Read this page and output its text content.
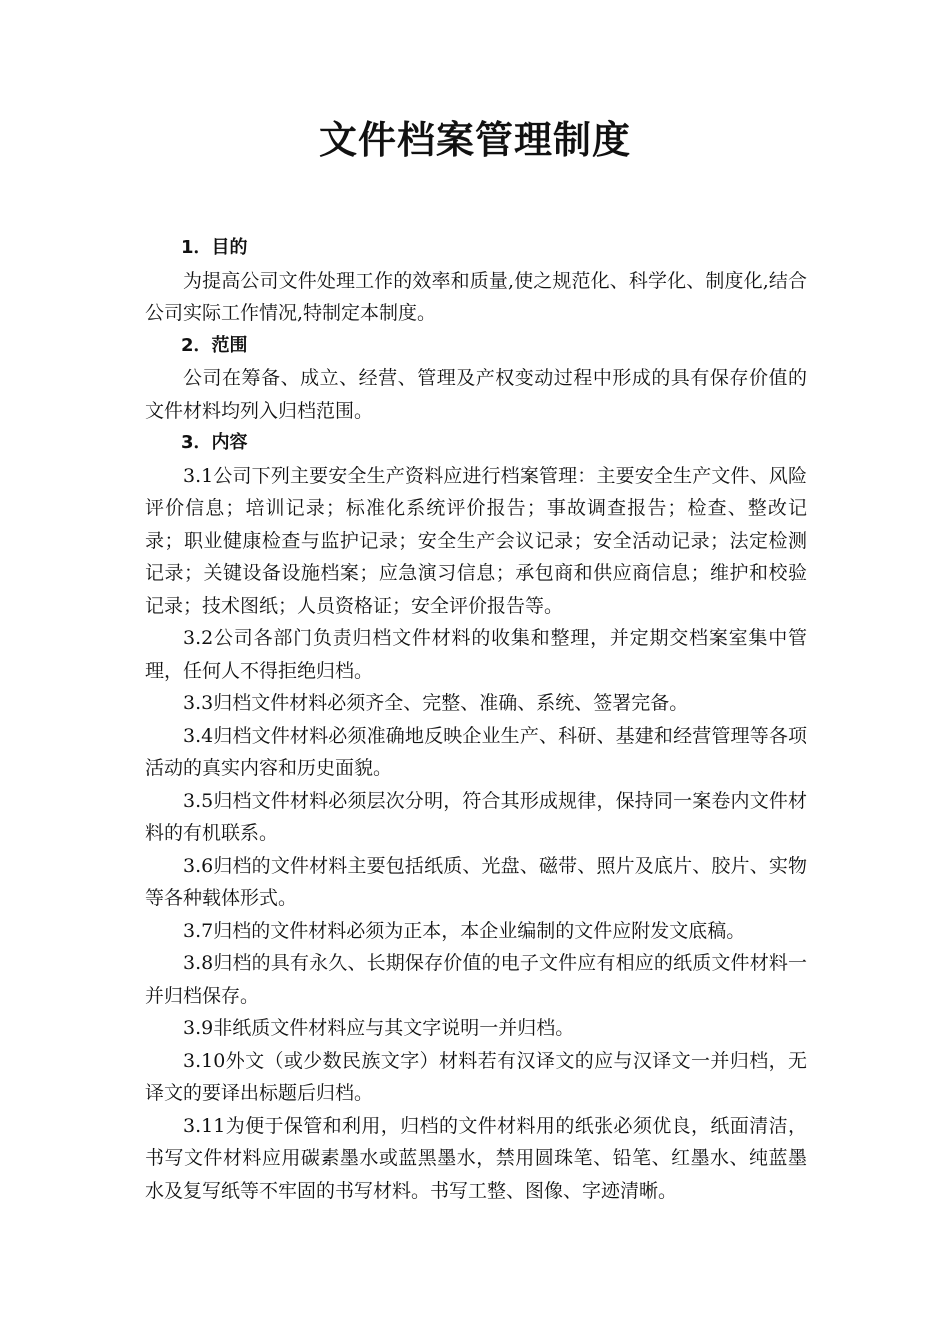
文件档案管理制度

1．目的

为提高公司文件处理工作的效率和质量,使之规范化、科学化、制度化,结合公司实际工作情况,特制定本制度。

2．范围

公司在筹备、成立、经营、管理及产权变动过程中形成的具有保存价值的文件材料均列入归档范围。

3．内容

3.1公司下列主要安全生产资料应进行档案管理：主要安全生产文件、风险评价信息；培训记录；标准化系统评价报告；事故调查报告；检查、整改记录；职业健康检查与监护记录；安全生产会议记录；安全活动记录；法定检测记录；关键设备设施档案；应急演习信息；承包商和供应商信息；维护和校验记录；技术图纸；人员资格证；安全评价报告等。

3.2公司各部门负责归档文件材料的收集和整理，并定期交档案室集中管理，任何人不得拒绝归档。

3.3归档文件材料必须齐全、完整、准确、系统、签署完备。

3.4归档文件材料必须准确地反映企业生产、科研、基建和经营管理等各项活动的真实内容和历史面貌。

3.5归档文件材料必须层次分明，符合其形成规律，保持同一案卷内文件材料的有机联系。

3.6归档的文件材料主要包括纸质、光盘、磁带、照片及底片、胶片、实物等各种载体形式。

3.7归档的文件材料必须为正本，本企业编制的文件应附发文底稿。

3.8归档的具有永久、长期保存价值的电子文件应有相应的纸质文件材料一并归档保存。

3.9非纸质文件材料应与其文字说明一并归档。

3.10外文（或少数民族文字）材料若有汉译文的应与汉译文一并归档，无译文的要译出标题后归档。

3.11为便于保管和利用，归档的文件材料用的纸张必须优良，纸面清洁，书写文件材料应用碳素墨水或蓝黑墨水，禁用圆珠笔、铅笔、红墨水、纯蓝墨水及复写纸等不牢固的书写材料。书写工整、图像、字迹清晰。
